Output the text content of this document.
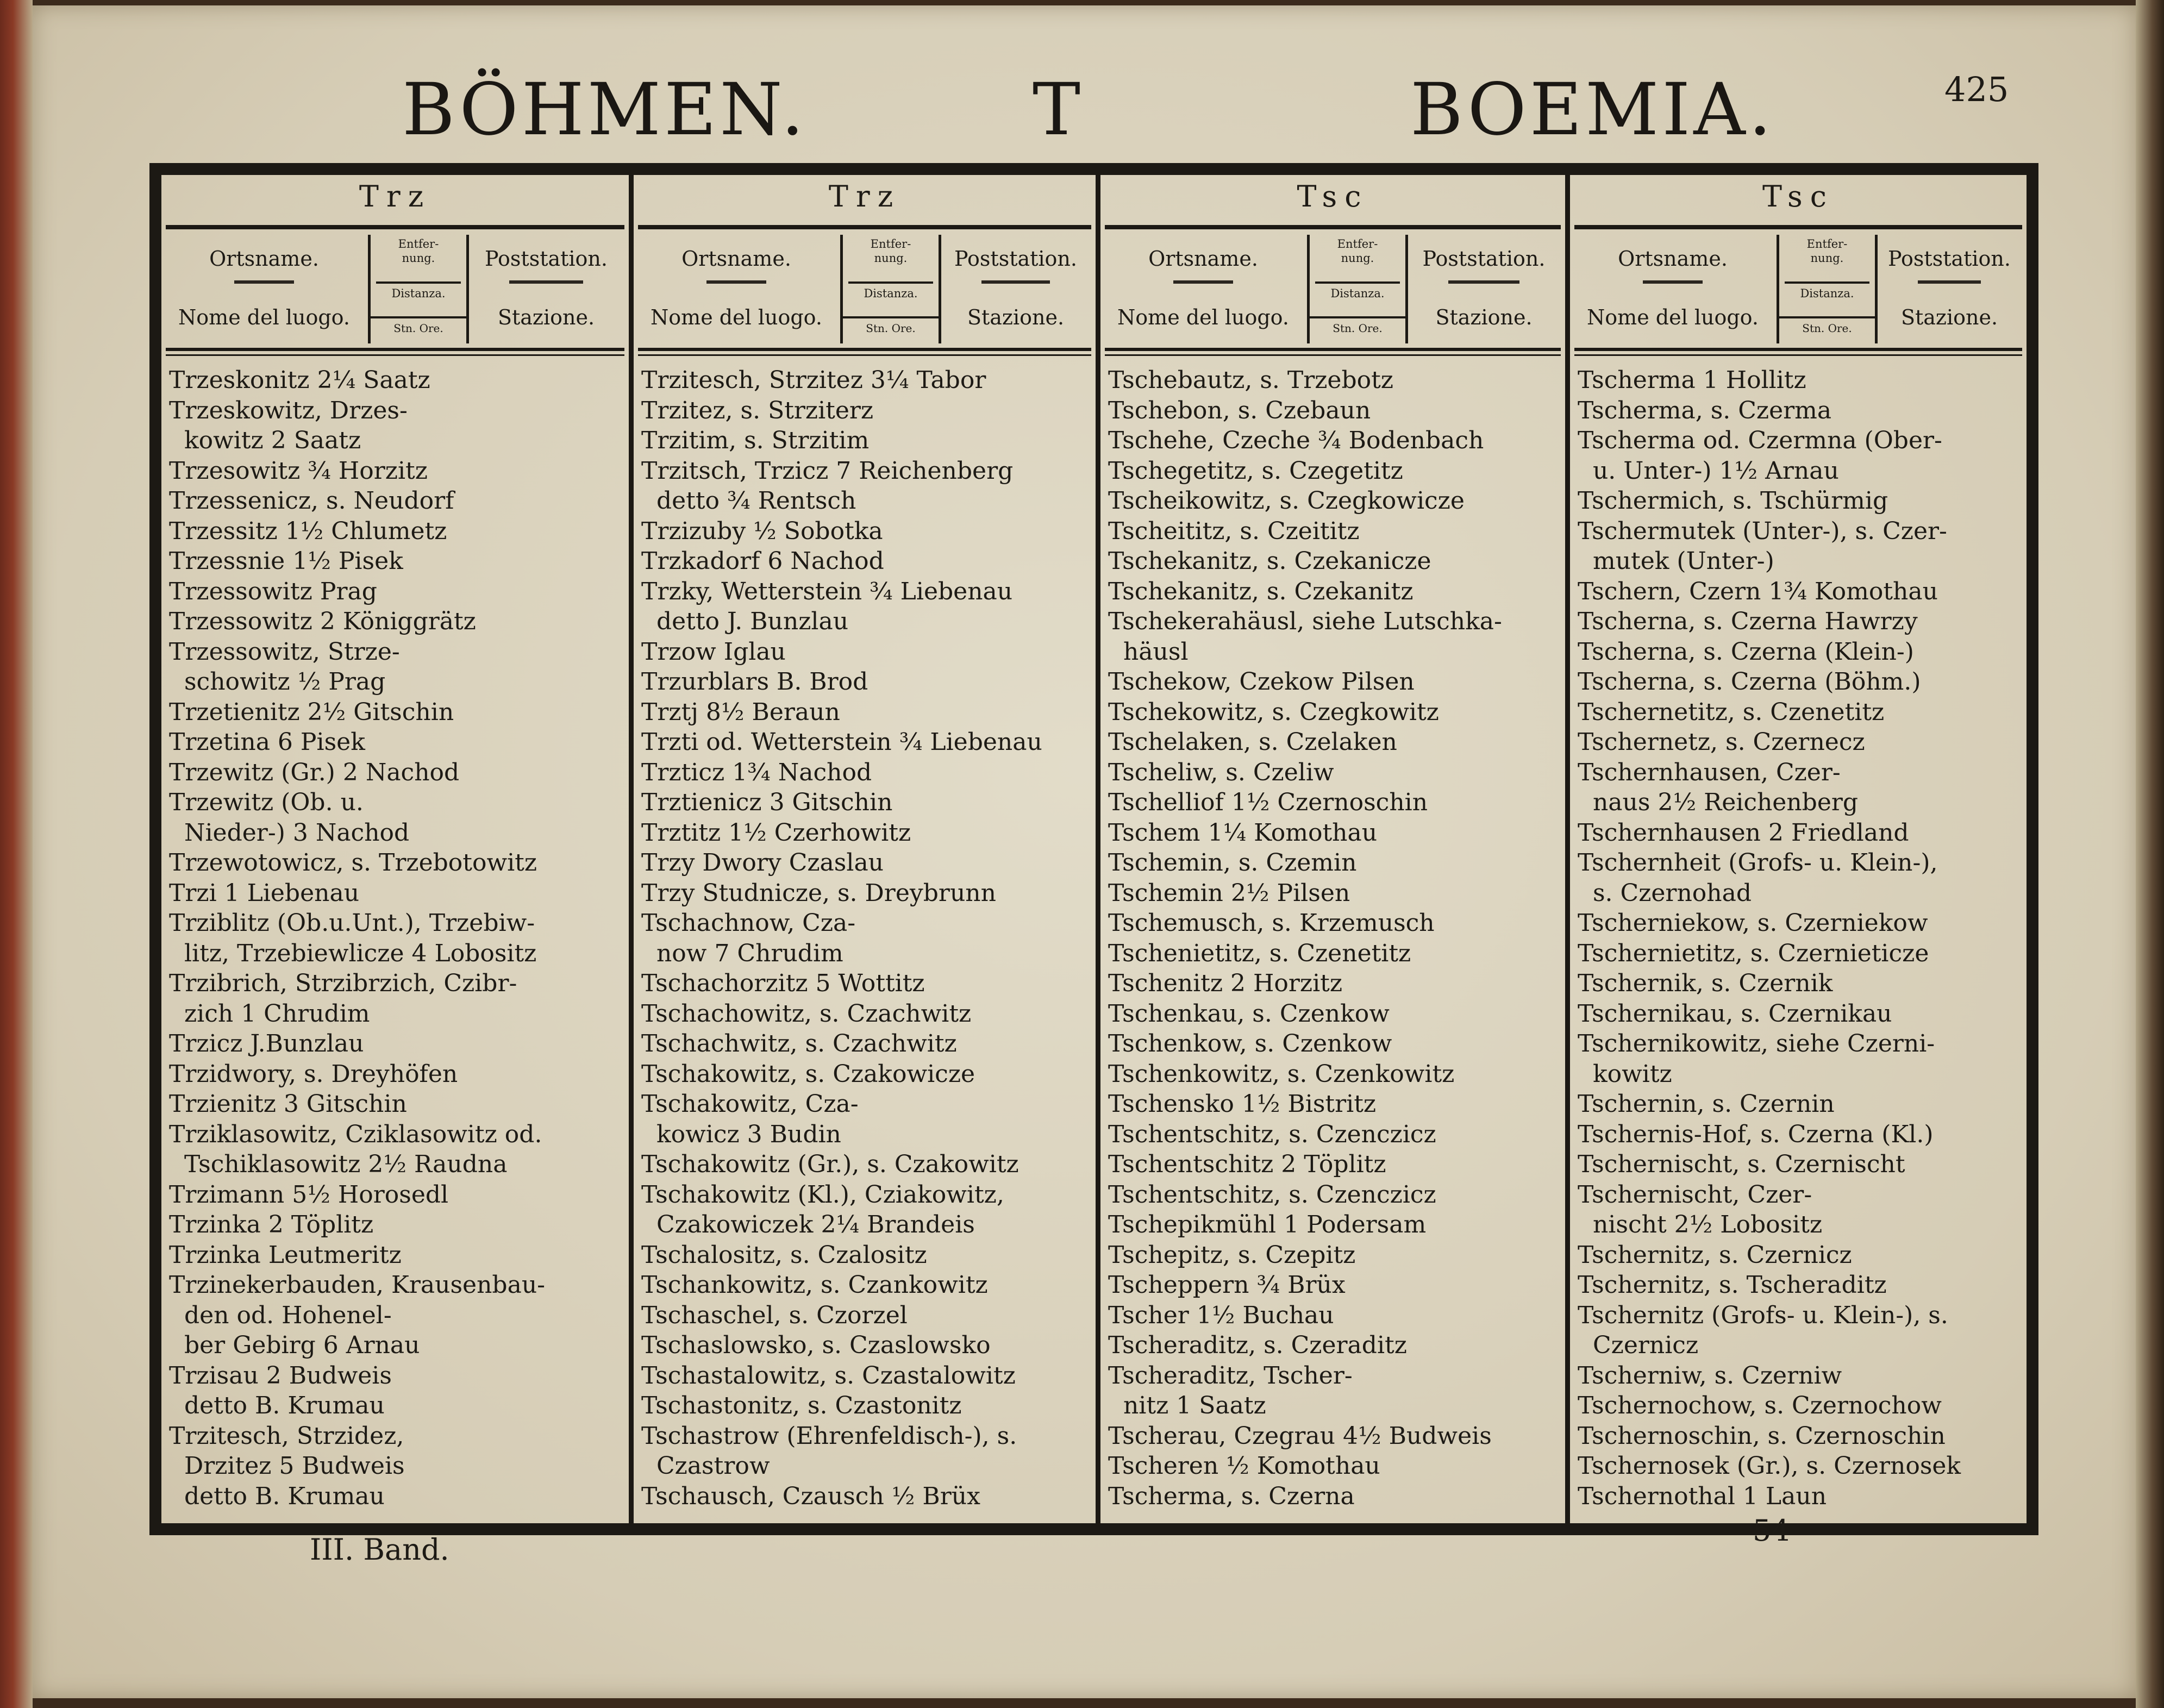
BÖHMEN.	T	BOEMIA.	425
Trz
Ortsname.
Nome del luogo.
Entfer-
nung.
Distanza.
Stn. Ore.
Poststation.
Stazione.
Trzeskonitz 2¼ Saatz
Trzeskowitz, Drzes-
kowitz 2 Saatz
Trzesowitz ¾ Horzitz
Trzessenicz, s. Neudorf
Trzessitz 1½ Chlumetz
Trzessnie 1½ Pisek
Trzessowitz Prag
Trzessowitz 2 Königgrätz
Trzessowitz, Strze-
schowitz ½ Prag
Trzetienitz 2½ Gitschin
Trzetina 6 Pisek
Trzewitz (Gr.) 2 Nachod
Trzewitz (Ob. u.
Nieder-) 3 Nachod
Trzewotowicz, s. Trzebotowitz
Trzi 1 Liebenau
Trziblitz (Ob.u.Unt.), Trzebiw-
litz, Trzebiewlicze 4 Lobositz
Trzibrich, Strzibrzich, Czibr-
zich 1 Chrudim
Trzicz J.Bunzlau
Trzidwory, s. Dreyhöfen
Trzienitz 3 Gitschin
Trziklasowitz, Cziklasowitz od.
Tschiklasowitz 2½ Raudna
Trzimann 5½ Horosedl
Trzinka 2 Töplitz
Trzinka Leutmeritz
Trzinekerbauden, Krausenbau-
den od. Hohenel-
ber Gebirg 6 Arnau
Trzisau 2 Budweis
detto B. Krumau
Trzitesch, Strzidez,
Drzitez 5 Budweis
detto B. Krumau
Trz
Ortsname.
Nome del luogo.
Entfer-
nung.
Distanza.
Stn. Ore.
Poststation.
Stazione.
Trzitesch, Strzitez 3¼ Tabor
Trzitez, s. Strziterz
Trzitim, s. Strzitim
Trzitsch, Trzicz 7 Reichenberg
detto ¾ Rentsch
Trzizuby ½ Sobotka
Trzkadorf 6 Nachod
Trzky, Wetterstein ¾ Liebenau
detto J. Bunzlau
Trzow Iglau
Trzurblars B. Brod
Trztj 8½ Beraun
Trzti od. Wetterstein ¾ Liebenau
Trzticz 1¾ Nachod
Trztienicz 3 Gitschin
Trztitz 1½ Czerhowitz
Trzy Dwory Czaslau
Trzy Studnicze, s. Dreybrunn
Tschachnow, Cza-
now 7 Chrudim
Tschachorzitz 5 Wottitz
Tschachowitz, s. Czachwitz
Tschachwitz, s. Czachwitz
Tschakowitz, s. Czakowicze
Tschakowitz, Cza-
kowicz 3 Budin
Tschakowitz (Gr.), s. Czakowitz
Tschakowitz (Kl.), Cziakowitz,
Czakowiczek 2¼ Brandeis
Tschalositz, s. Czalositz
Tschankowitz, s. Czankowitz
Tschaschel, s. Czorzel
Tschaslowsko, s. Czaslowsko
Tschastalowitz, s. Czastalowitz
Tschastonitz, s. Czastonitz
Tschastrow (Ehrenfeldisch-), s.
Czastrow
Tschausch, Czausch ½ Brüx
Tsc
Ortsname.
Nome del luogo.
Entfer-
nung.
Distanza.
Stn. Ore.
Poststation.
Stazione.
Tschebautz, s. Trzebotz
Tschebon, s. Czebaun
Tschehe, Czeche ¾ Bodenbach
Tschegetitz, s. Czegetitz
Tscheikowitz, s. Czegkowicze
Tscheititz, s. Czeititz
Tschekanitz, s. Czekanicze
Tschekanitz, s. Czekanitz
Tschekerahäusl, siehe Lutschka-
häusl
Tschekow, Czekow Pilsen
Tschekowitz, s. Czegkowitz
Tschelaken, s. Czelaken
Tscheliw, s. Czeliw
Tschelliof 1½ Czernoschin
Tschem 1¼ Komothau
Tschemin, s. Czemin
Tschemin 2½ Pilsen
Tschemusch, s. Krzemusch
Tschenietitz, s. Czenetitz
Tschenitz 2 Horzitz
Tschenkau, s. Czenkow
Tschenkow, s. Czenkow
Tschenkowitz, s. Czenkowitz
Tschensko 1½ Bistritz
Tschentschitz, s. Czenczicz
Tschentschitz 2 Töplitz
Tschentschitz, s. Czenczicz
Tschepikmühl 1 Podersam
Tschepitz, s. Czepitz
Tscheppern ¾ Brüx
Tscher 1½ Buchau
Tscheraditz, s. Czeraditz
Tscheraditz, Tscher-
nitz 1 Saatz
Tscherau, Czegrau 4½ Budweis
Tscheren ½ Komothau
Tscherma, s. Czerna
Tsc
Ortsname.
Nome del luogo.
Entfer-
nung.
Distanza.
Stn. Ore.
Poststation.
Stazione.
Tscherma 1 Hollitz
Tscherma, s. Czerma
Tscherma od. Czermna (Ober-
u. Unter-) 1½ Arnau
Tschermich, s. Tschürmig
Tschermutek (Unter-), s. Czer-
mutek (Unter-)
Tschern, Czern 1¾ Komothau
Tscherna, s. Czerna Hawrzy
Tscherna, s. Czerna (Klein-)
Tscherna, s. Czerna (Böhm.)
Tschernetitz, s. Czenetitz
Tschernetz, s. Czernecz
Tschernhausen, Czer-
naus 2½ Reichenberg
Tschernhausen 2 Friedland
Tschernheit (Grofs- u. Klein-),
s. Czernohad
Tscherniekow, s. Czerniekow
Tschernietitz, s. Czernieticze
Tschernik, s. Czernik
Tschernikau, s. Czernikau
Tschernikowitz, siehe Czerni-
kowitz
Tschernin, s. Czernin
Tschernis-Hof, s. Czerna (Kl.)
Tschernischt, s. Czernischt
Tschernischt, Czer-
nischt 2½ Lobositz
Tschernitz, s. Czernicz
Tschernitz, s. Tscheraditz
Tschernitz (Grofs- u. Klein-), s.
Czernicz
Tscherniw, s. Czerniw
Tschernochow, s. Czernochow
Tschernoschin, s. Czernoschin
Tschernosek (Gr.), s. Czernosek
Tschernothal 1 Laun
III. Band.
54
